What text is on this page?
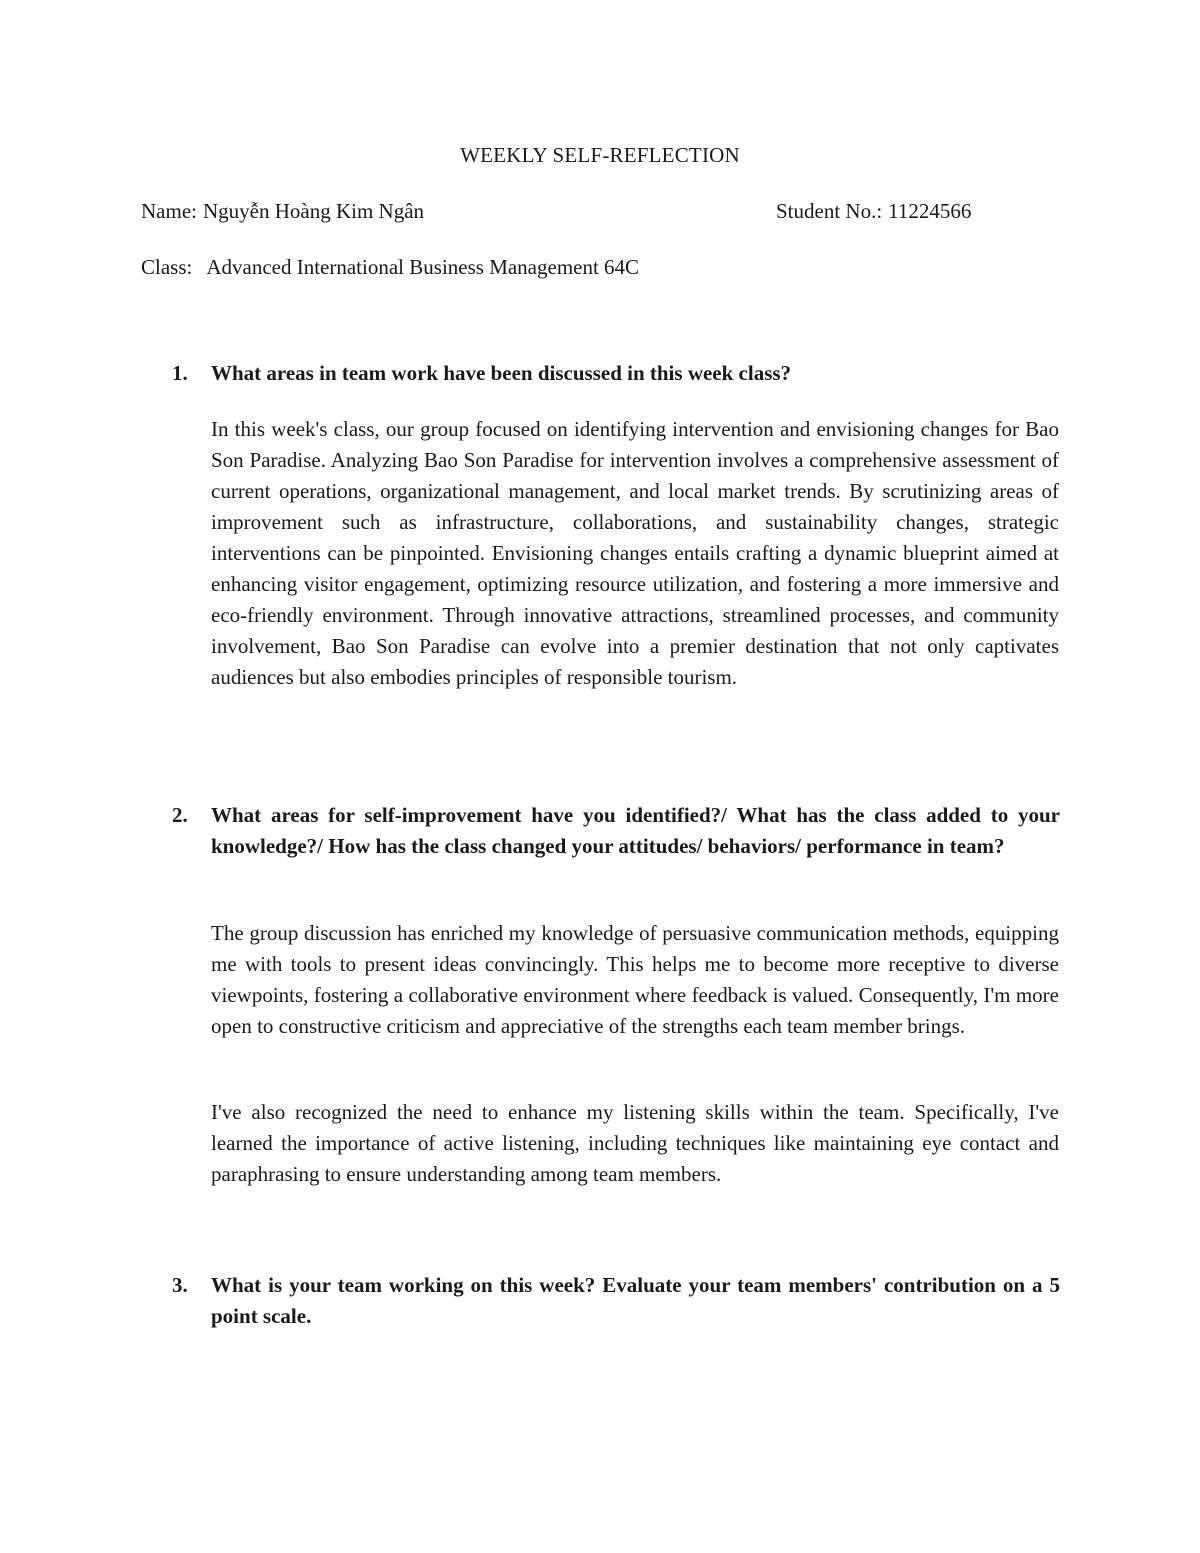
WEEKLY SELF-REFLECTION
Name: Nguyễn Hoàng Kim Ngân	Student No.: 11224566
Class: Advanced International Business Management 64C
1. What areas in team work have been discussed in this week class?
In this week's class, our group focused on identifying intervention and envisioning changes for Bao Son Paradise. Analyzing Bao Son Paradise for intervention involves a comprehensive assessment of current operations, organizational management, and local market trends. By scrutinizing areas of improvement such as infrastructure, collaborations, and sustainability changes, strategic interventions can be pinpointed. Envisioning changes entails crafting a dynamic blueprint aimed at enhancing visitor engagement, optimizing resource utilization, and fostering a more immersive and eco-friendly environment. Through innovative attractions, streamlined processes, and community involvement, Bao Son Paradise can evolve into a premier destination that not only captivates audiences but also embodies principles of responsible tourism.
2. What areas for self-improvement have you identified?/ What has the class added to your knowledge?/ How has the class changed your attitudes/ behaviors/ performance in team?
The group discussion has enriched my knowledge of persuasive communication methods, equipping me with tools to present ideas convincingly. This helps me to become more receptive to diverse viewpoints, fostering a collaborative environment where feedback is valued. Consequently, I'm more open to constructive criticism and appreciative of the strengths each team member brings.
I've also recognized the need to enhance my listening skills within the team. Specifically, I've learned the importance of active listening, including techniques like maintaining eye contact and paraphrasing to ensure understanding among team members.
3. What is your team working on this week? Evaluate your team members' contribution on a 5 point scale.
